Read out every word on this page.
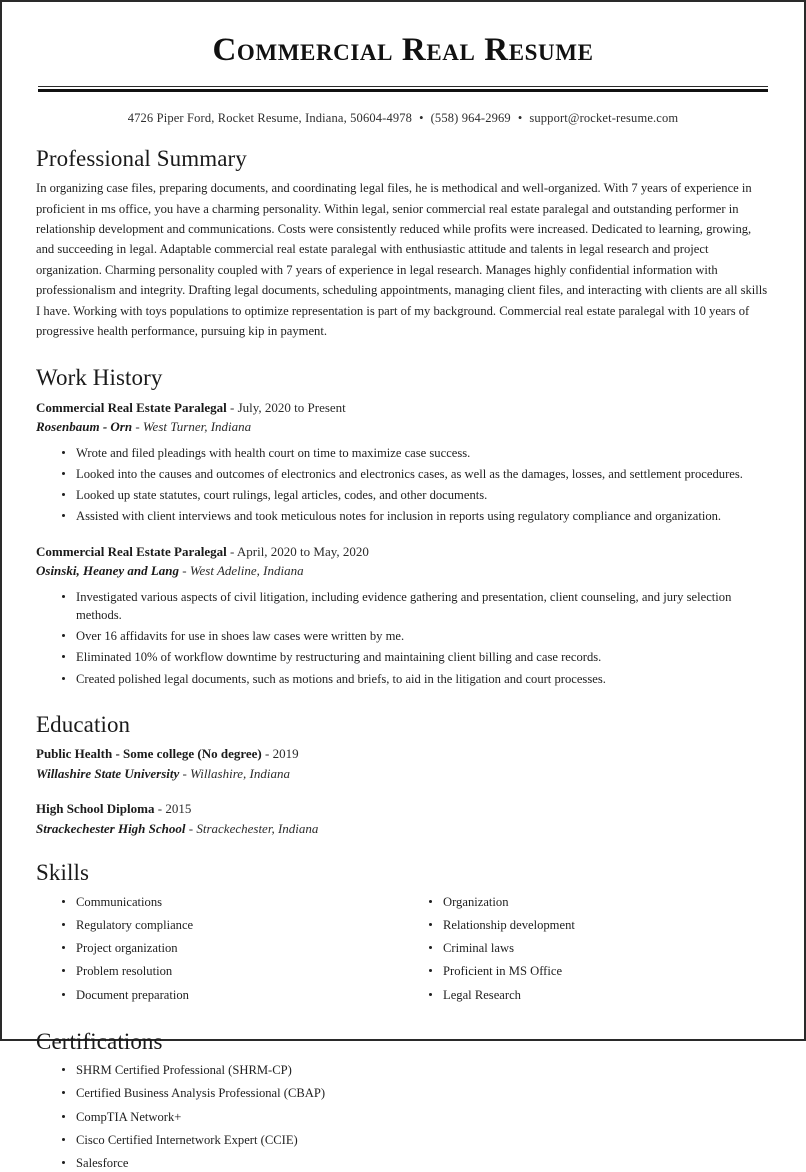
Commercial Real Resume
4726 Piper Ford, Rocket Resume, Indiana, 50604-4978 • (558) 964-2969 • support@rocket-resume.com
Professional Summary

In organizing case files, preparing documents, and coordinating legal files, he is methodical and well-organized. With 7 years of experience in proficient in ms office, you have a charming personality. Within legal, senior commercial real estate paralegal and outstanding performer in relationship development and communications. Costs were consistently reduced while profits were increased. Dedicated to learning, growing, and succeeding in legal. Adaptable commercial real estate paralegal with enthusiastic attitude and talents in legal research and project organization. Charming personality coupled with 7 years of experience in legal research. Manages highly confidential information with professionalism and integrity. Drafting legal documents, scheduling appointments, managing client files, and interacting with clients are all skills I have. Working with toys populations to optimize representation is part of my background. Commercial real estate paralegal with 10 years of progressive health performance, pursuing kip in payment.

Work History
Commercial Real Estate Paralegal - July, 2020 to Present
Rosenbaum - Orn - West Turner, Indiana
Wrote and filed pleadings with health court on time to maximize case success.
Looked into the causes and outcomes of electronics and electronics cases, as well as the damages, losses, and settlement procedures.
Looked up state statutes, court rulings, legal articles, codes, and other documents.
Assisted with client interviews and took meticulous notes for inclusion in reports using regulatory compliance and organization.
Commercial Real Estate Paralegal - April, 2020 to May, 2020
Osinski, Heaney and Lang - West Adeline, Indiana
Investigated various aspects of civil litigation, including evidence gathering and presentation, client counseling, and jury selection methods.
Over 16 affidavits for use in shoes law cases were written by me.
Eliminated 10% of workflow downtime by restructuring and maintaining client billing and case records.
Created polished legal documents, such as motions and briefs, to aid in the litigation and court processes.
Education
Public Health - Some college (No degree) - 2019
Willashire State University - Willashire, Indiana
High School Diploma - 2015
Strackechester High School - Strackechester, Indiana
Skills
Communications
Regulatory compliance
Project organization
Problem resolution
Document preparation
Organization
Relationship development
Criminal laws
Proficient in MS Office
Legal Research
Certifications
SHRM Certified Professional (SHRM-CP)
Certified Business Analysis Professional (CBAP)
CompTIA Network+
Cisco Certified Internetwork Expert (CCIE)
Salesforce
